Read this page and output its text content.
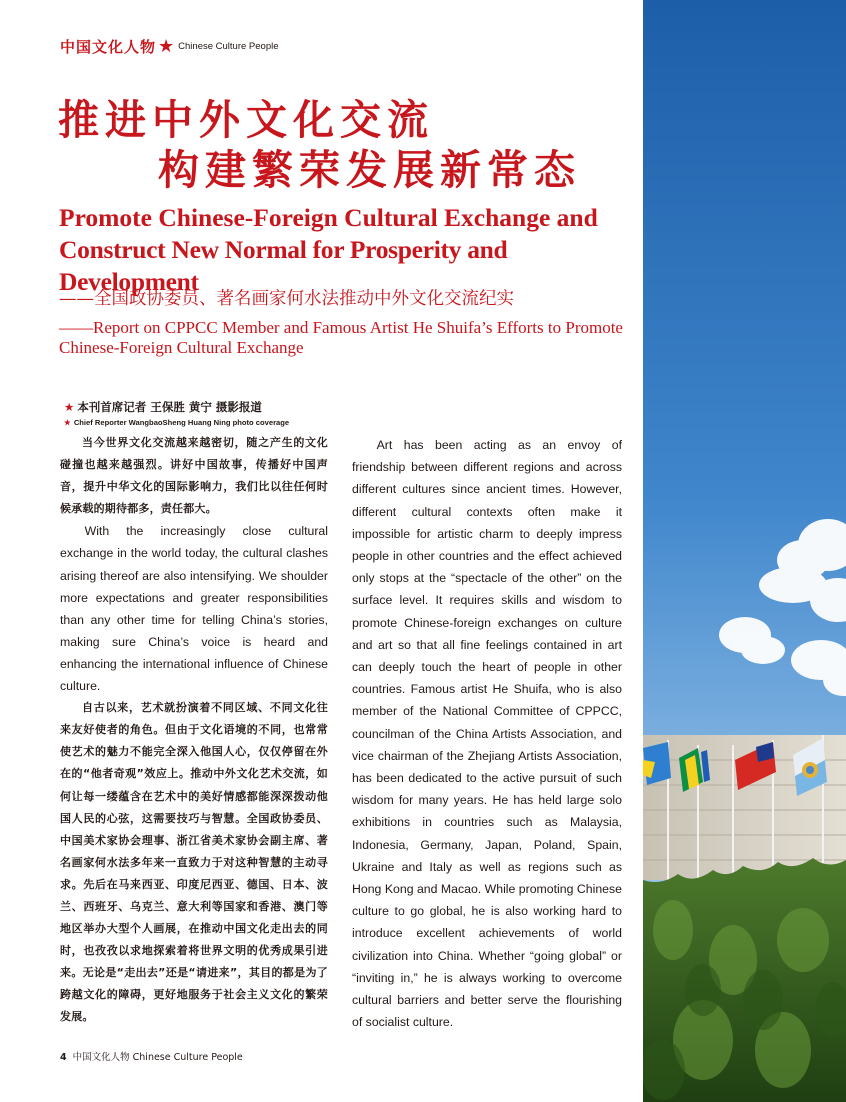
中国文化人物 ★ Chinese Culture People
推进中外文化交流
构建繁荣发展新常态
Promote Chinese-Foreign Cultural Exchange and
Construct New Normal for Prosperity and Development
——全国政协委员、著名画家何水法推动中外文化交流纪实
——Report on CPPCC Member and Famous Artist He Shuifa’s Efforts to Promote Chinese-Foreign Cultural Exchange
★ 本刊首席记者 王保胜 黄宁 摄影报道
★ Chief Reporter WangbaoSheng Huang Ning photo coverage

当今世界文化交流越来越密切，随之产生的文化碰撞也越来越强烈。讲好中国故事，传播好中国声音，提升中华文化的国际影响力，我们比以往任何时候承载的期待都多，责任都大。

With the increasingly close cultural exchange in the world today, the cultural clashes arising thereof are also intensifying. We shoulder more expectations and greater responsibilities than any other time for telling China’s stories, making sure China’s voice is heard and enhancing the international influence of Chinese culture.

自古以来，艺术就扮演着不同区域、不同文化往来友好使者的角色。但由于文化语境的不同，也常常使艺术的魅力不能完全深入他国人心，仅仅停留在外在的“他者奇观”效应上。推动中外文化艺术交流，如何让每一缕蕴含在艺术中的美好情感都能深深拨动他国人民的心弦，这需要技巧与智慧。全国政协委员、中国美术家协会理事、浙江省美术家协会副主席、著名画家何水法多年来一直致力于对这种智慧的主动寻求。先后在马来西亚、印度尼西亚、德国、日本、波兰、西班牙、乌克兰、意大利等国家和香港、澳门等地区举办大型个人画展，在推动中国文化走出去的同时，也孜孜以求地探索着将世界文明的优秀成果引进来。无论是“走出去”还是“请进来”，其目的都是为了跨越文化的障碍，更好地服务于社会主义文化的繁荣发展。

Art has been acting as an envoy of friendship between different regions and across different cultures since ancient times. However, different cultural contexts often make it impossible for artistic charm to deeply impress people in other countries and the effect achieved only stops at the “spectacle of the other” on the surface level. It requires skills and wisdom to promote Chinese-foreign exchanges on culture and art so that all fine feelings contained in art can deeply touch the heart of people in other countries. Famous artist He Shuifa, who is also member of the National Committee of CPPCC, councilman of the China Artists Association, and vice chairman of the Zhejiang Artists Association, has been dedicated to the active pursuit of such wisdom for many years. He has held large solo exhibitions in countries such as Malaysia, Indonesia, Germany, Japan, Poland, Spain, Ukraine and Italy as well as regions such as Hong Kong and Macao. While promoting Chinese culture to go global, he is also working hard to introduce excellent achievements of world civilization into China. Whether “going global” or “inviting in,” he is always working to overcome cultural barriers and better serve the flourishing of socialist culture.

4 中国文化人物 Chinese Culture People
